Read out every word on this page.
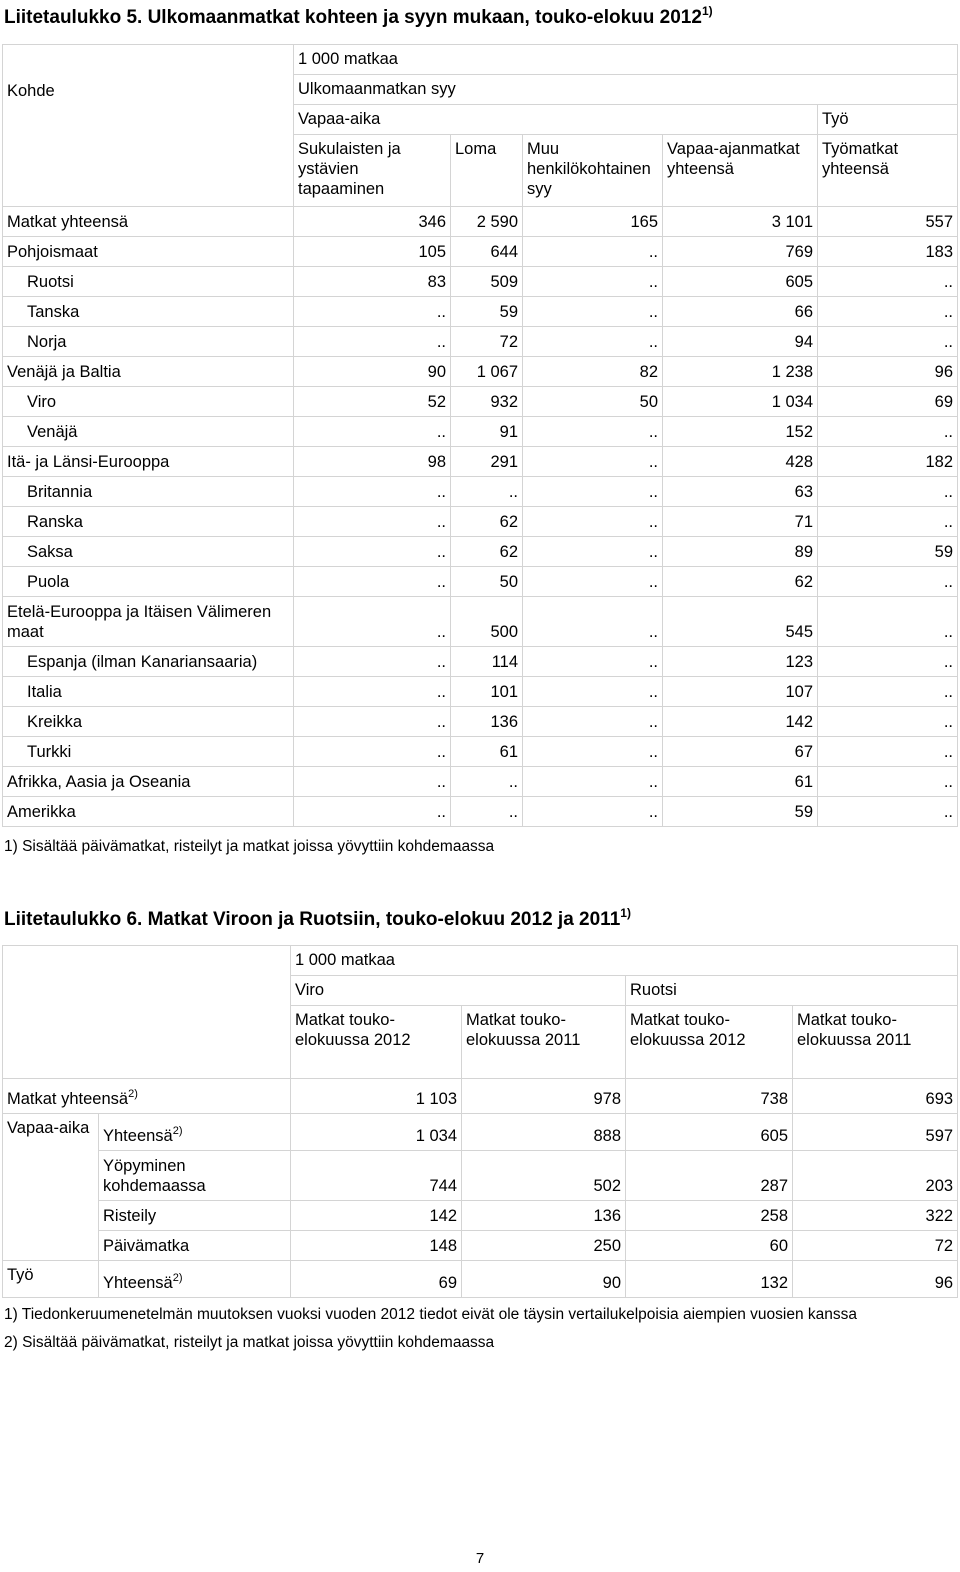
Liitetaulukko 5. Ulkomaanmatkat kohteen ja syyn mukaan, touko-elokuu 2012$^{1)}$
Kohde	1 000 matkaa				
	Ulkomaanmatkan syy				
	Vapaa-aika				Työ
	Sukulaisten ja ystävien tapaaminen	Loma	Muu henkilökohtainen syy	Vapaa-ajanmatkat yhteensä	Työmatkat yhteensä
Matkat yhteensä	346	2 590	165	3 101	557
Pohjoismaat	105	644	..	769	183
Ruotsi	83	509	..	605	..
Tanska	..	59	..	66	..
Norja	..	72	..	94	..
Venäjä ja Baltia	90	1 067	82	1 238	96
Viro	52	932	50	1 034	69
Venäjä	..	91	..	152	..
Itä- ja Länsi-Eurooppa	98	291	..	428	182
Britannia	..	..	..	63	..
Ranska	..	62	..	71	..
Saksa	..	62	..	89	59
Puola	..	50	..	62	..
Etelä-Eurooppa ja Itäisen Välimeren maat	..	500	..	545	..
Espanja (ilman Kanariansaaria)	..	114	..	123	..
Italia	..	101	..	107	..
Kreikka	..	136	..	142	..
Turkki	..	61	..	67	..
Afrikka, Aasia ja Oseania	..	..	..	61	..
Amerikka	..	..	..	59	..
1) Sisältää päivämatkat, risteilyt ja matkat joissa yövyttiin kohdemaassa
Liitetaulukko 6. Matkat Viroon ja Ruotsiin, touko-elokuu 2012 ja 2011$^{1)}$
		1 000 matkaa			
		Viro		Ruotsi	
		Matkat touko-elokuussa 2012	Matkat touko-elokuussa 2011	Matkat touko-elokuussa 2012	Matkat touko-elokuussa 2011
Matkat yhteensä$^{2)}$		1 103	978	738	693
Vapaa-aika	Yhteensä$^{2)}$	1 034	888	605	597
	Yöpyminen kohdemaassa	744	502	287	203
	Risteily	142	136	258	322
	Päivämatka	148	250	60	72
Työ	Yhteensä$^{2)}$	69	90	132	96
1) Tiedonkeruumenetelmän muutoksen vuoksi vuoden 2012 tiedot eivät ole täysin vertailukelpoisia aiempien vuosien kanssa
2) Sisältää päivämatkat, risteilyt ja matkat joissa yövyttiin kohdemaassa
7
